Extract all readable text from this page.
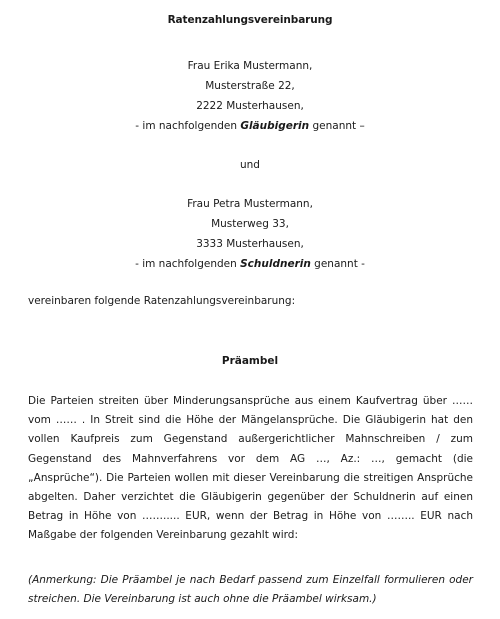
Ratenzahlungsvereinbarung
Frau Erika Mustermann,
Musterstraße 22,
2222 Musterhausen,
- im nachfolgenden Gläubigerin genannt –
und
Frau Petra Mustermann,
Musterweg 33,
3333 Musterhausen,
- im nachfolgenden Schuldnerin genannt -
vereinbaren folgende Ratenzahlungsvereinbarung:
Präambel
Die Parteien streiten über Minderungsansprüche aus einem Kaufvertrag über ……
vom …… . In Streit sind die Höhe der Mängelansprüche. Die Gläubigerin hat den
vollen Kaufpreis zum Gegenstand außergerichtlicher Mahnschreiben / zum
Gegenstand des Mahnverfahrens vor dem AG …, Az.: …, gemacht (die
„Ansprüche“). Die Parteien wollen mit dieser Vereinbarung die streitigen Ansprüche
abgelten. Daher verzichtet die Gläubigerin gegenüber der Schuldnerin auf einen
Betrag in Höhe von ……..... EUR, wenn der Betrag in Höhe von …….. EUR nach
Maßgabe der folgenden Vereinbarung gezahlt wird:
(Anmerkung: Die Präambel je nach Bedarf passend zum Einzelfall formulieren oder
streichen. Die Vereinbarung ist auch ohne die Präambel wirksam.)
